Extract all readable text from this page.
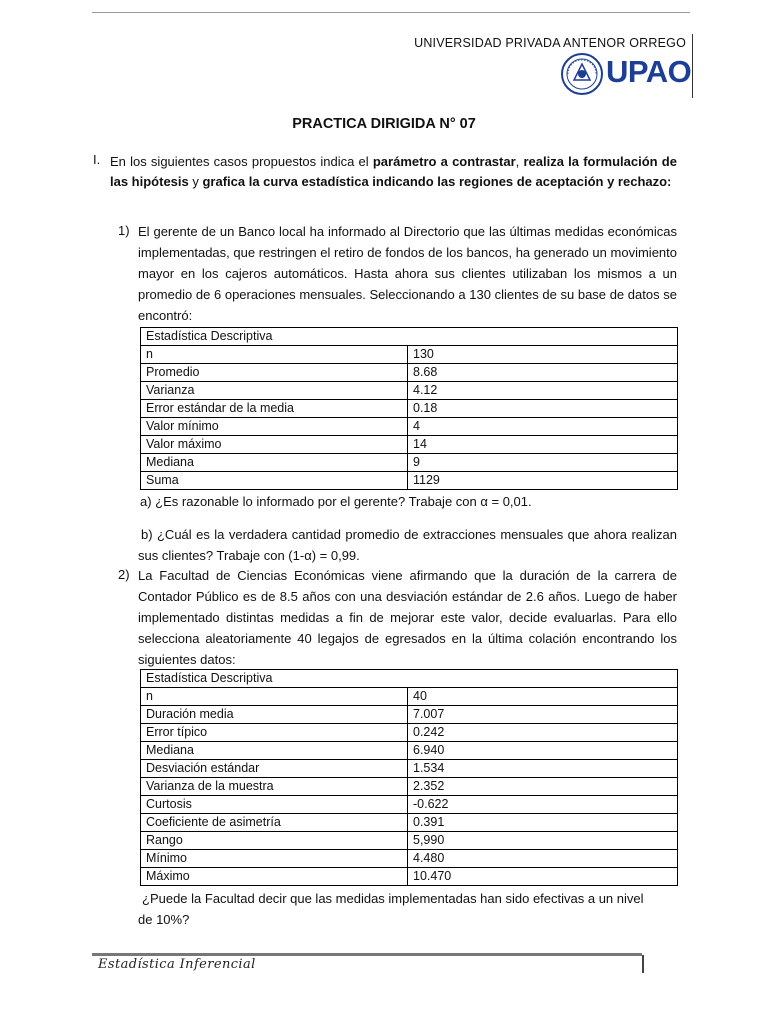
UNIVERSIDAD PRIVADA ANTENOR ORREGO
UPAO
PRACTICA DIRIGIDA N° 07
I. En los siguientes casos propuestos indica el parámetro a contrastar, realiza la formulación de las hipótesis y grafica la curva estadística indicando las regiones de aceptación y rechazo:
1) El gerente de un Banco local ha informado al Directorio que las últimas medidas económicas implementadas, que restringen el retiro de fondos de los bancos, ha generado un movimiento mayor en los cajeros automáticos. Hasta ahora sus clientes utilizaban los mismos a un promedio de 6 operaciones mensuales. Seleccionando a 130 clientes de su base de datos se encontró:
Estadística Descriptiva	
n	130
Promedio	8.68
Varianza	4.12
Error estándar de la media	0.18
Valor mínimo	4
Valor máximo	14
Mediana	9
Suma	1129
a) ¿Es razonable lo informado por el gerente? Trabaje con α = 0,01.
b) ¿Cuál es la verdadera cantidad promedio de extracciones mensuales que ahora realizan sus clientes? Trabaje con (1-α) = 0,99.
2) La Facultad de Ciencias Económicas viene afirmando que la duración de la carrera de Contador Público es de 8.5 años con una desviación estándar de 2.6 años. Luego de haber implementado distintas medidas a fin de mejorar este valor, decide evaluarlas. Para ello selecciona aleatoriamente 40 legajos de egresados en la última colación encontrando los siguientes datos:
Estadística Descriptiva	
n	40
Duración media	7.007
Error típico	0.242
Mediana	6.940
Desviación estándar	1.534
Varianza de la muestra	2.352
Curtosis	-0.622
Coeficiente de asimetría	0.391
Rango	5,990
Mínimo	4.480
Máximo	10.470
¿Puede la Facultad decir que las medidas implementadas han sido efectivas a un nivel de 10%?
Estadística Inferencial
